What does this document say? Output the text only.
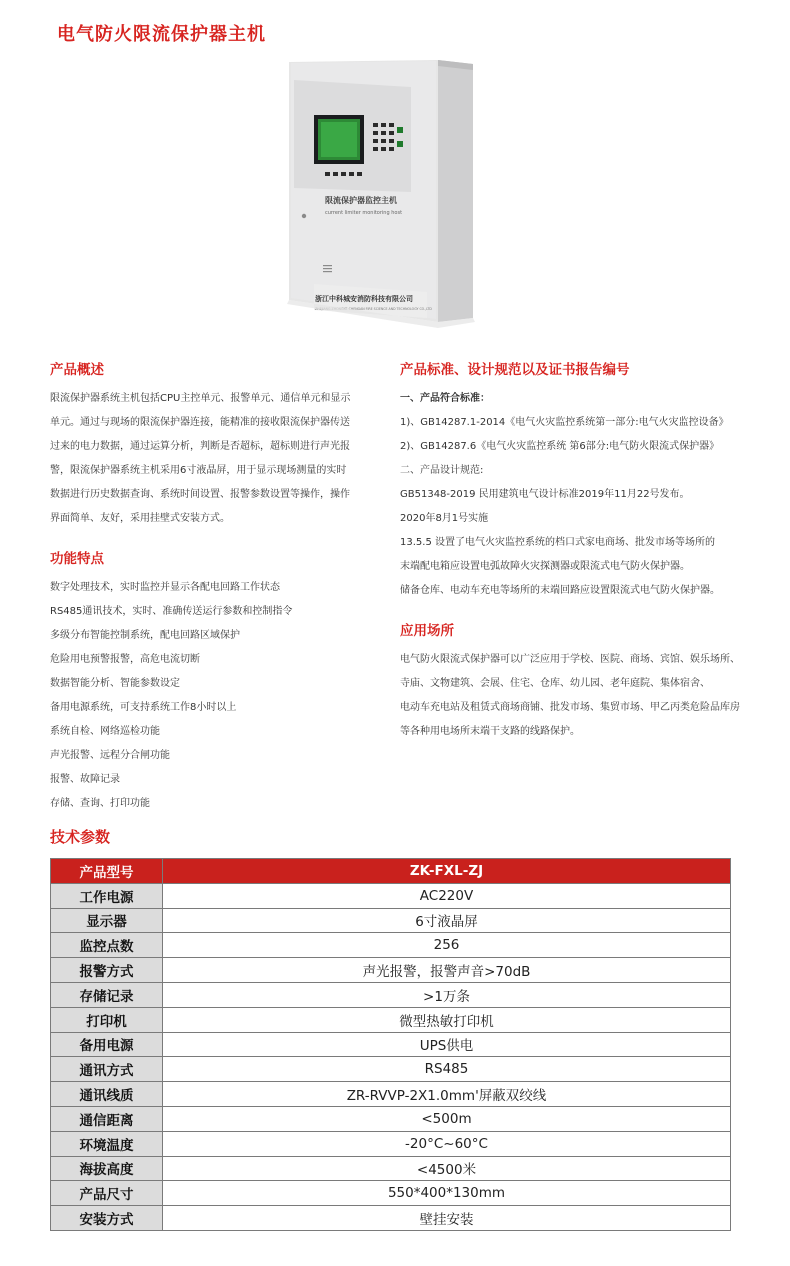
电气防火限流保护器主机
限流保护器监控主机
current limiter monitoring host
浙江中科城安消防科技有限公司
ZHEJIANG ZHONGKE CHENGAN FIRE SCIENCE AND TECHNOLOGY CO.,LTD
产品概述
限流保护器系统主机包括CPU主控单元、报警单元、通信单元和显示
单元。通过与现场的限流保护器连接，能精准的接收限流保护器传送
过来的电力数据，通过运算分析，判断是否超标，超标则进行声光报
警，限流保护器系统主机采用6寸液晶屏，用于显示现场测量的实时
数据进行历史数据查询、系统时间设置、报警参数设置等操作，操作
界面简单、友好，采用挂壁式安装方式。
功能特点
数字处理技术，实时监控并显示各配电回路工作状态
RS485通讯技术，实时、准确传送运行参数和控制指令
多级分布智能控制系统，配电回路区域保护
危险用电预警报警，高危电流切断
数据智能分析、智能参数设定
备用电源系统，可支持系统工作8小时以上
系统自检、网络巡检功能
声光报警、远程分合闸功能
报警、故障记录
存储、查询、打印功能
产品标准、设计规范以及证书报告编号
一、产品符合标准：
1)、GB14287.1-2014《电气火灾监控系统第一部分:电气火灾监控设备》
2)、GB14287.6《电气火灾监控系统 第6部分:电气防火限流式保护器》
二、产品设计规范:
GB51348-2019 民用建筑电气设计标准2019年11月22号发布。
2020年8月1号实施
13.5.5 设置了电气火灾监控系统的档口式家电商场、批发市场等场所的
末端配电箱应设置电弧故障火灾探测器或限流式电气防火保护器。
储备仓库、电动车充电等场所的末端回路应设置限流式电气防火保护器。
应用场所
电气防火限流式保护器可以广泛应用于学校、医院、商场、宾馆、娱乐场所、
寺庙、文物建筑、会展、住宅、仓库、幼儿园、老年庭院、集体宿舍、
电动车充电站及租赁式商场商铺、批发市场、集贸市场、甲乙丙类危险品库房
等各种用电场所末端干支路的线路保护。
技术参数
产品型号	ZK-FXL-ZJ
工作电源	AC220V
显示器	6寸液晶屏
监控点数	256
报警方式	声光报警，报警声音>70dB
存储记录	>1万条
打印机	微型热敏打印机
备用电源	UPS供电
通讯方式	RS485
通讯线质	ZR-RVVP-2X1.0mm'屏蔽双绞线
通信距离	<500m
环境温度	-20°C~60°C
海拔高度	<4500米
产品尺寸	550*400*130mm
安装方式	壁挂安装
